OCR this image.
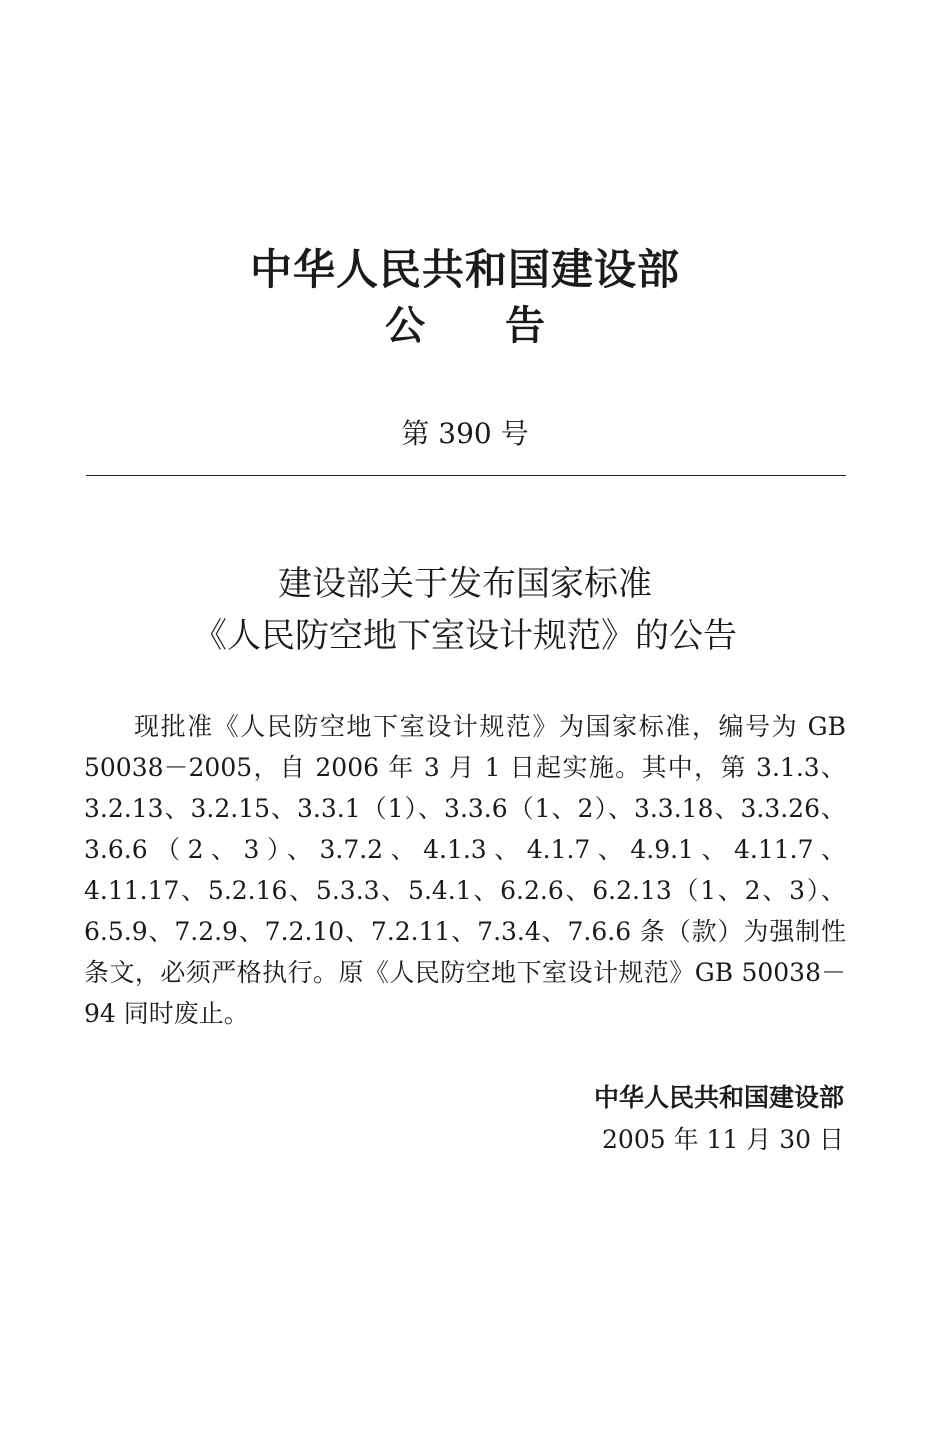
中华人民共和国建设部
公告
第 390 号
建设部关于发布国家标准
《人民防空地下室设计规范》的公告

现批准《人民防空地下室设计规范》为国家标准，编号为 GB 50038－2005，自 2006 年 3 月 1 日起实施。其中，第 3.1.3、3.2.13、3.2.15、3.3.1（1）、3.3.6（1、2）、3.3.18、3.3.26、3.6.6（2、3）、3.7.2、4.1.3、4.1.7、4.9.1、4.11.7、4.11.17、5.2.16、5.3.3、5.4.1、6.2.6、6.2.13（1、2、3）、6.5.9、7.2.9、7.2.10、7.2.11、7.3.4、7.6.6 条（款）为强制性条文，必须严格执行。原《人民防空地下室设计规范》GB 50038－94 同时废止。

中华人民共和国建设部
2005 年 11 月 30 日
